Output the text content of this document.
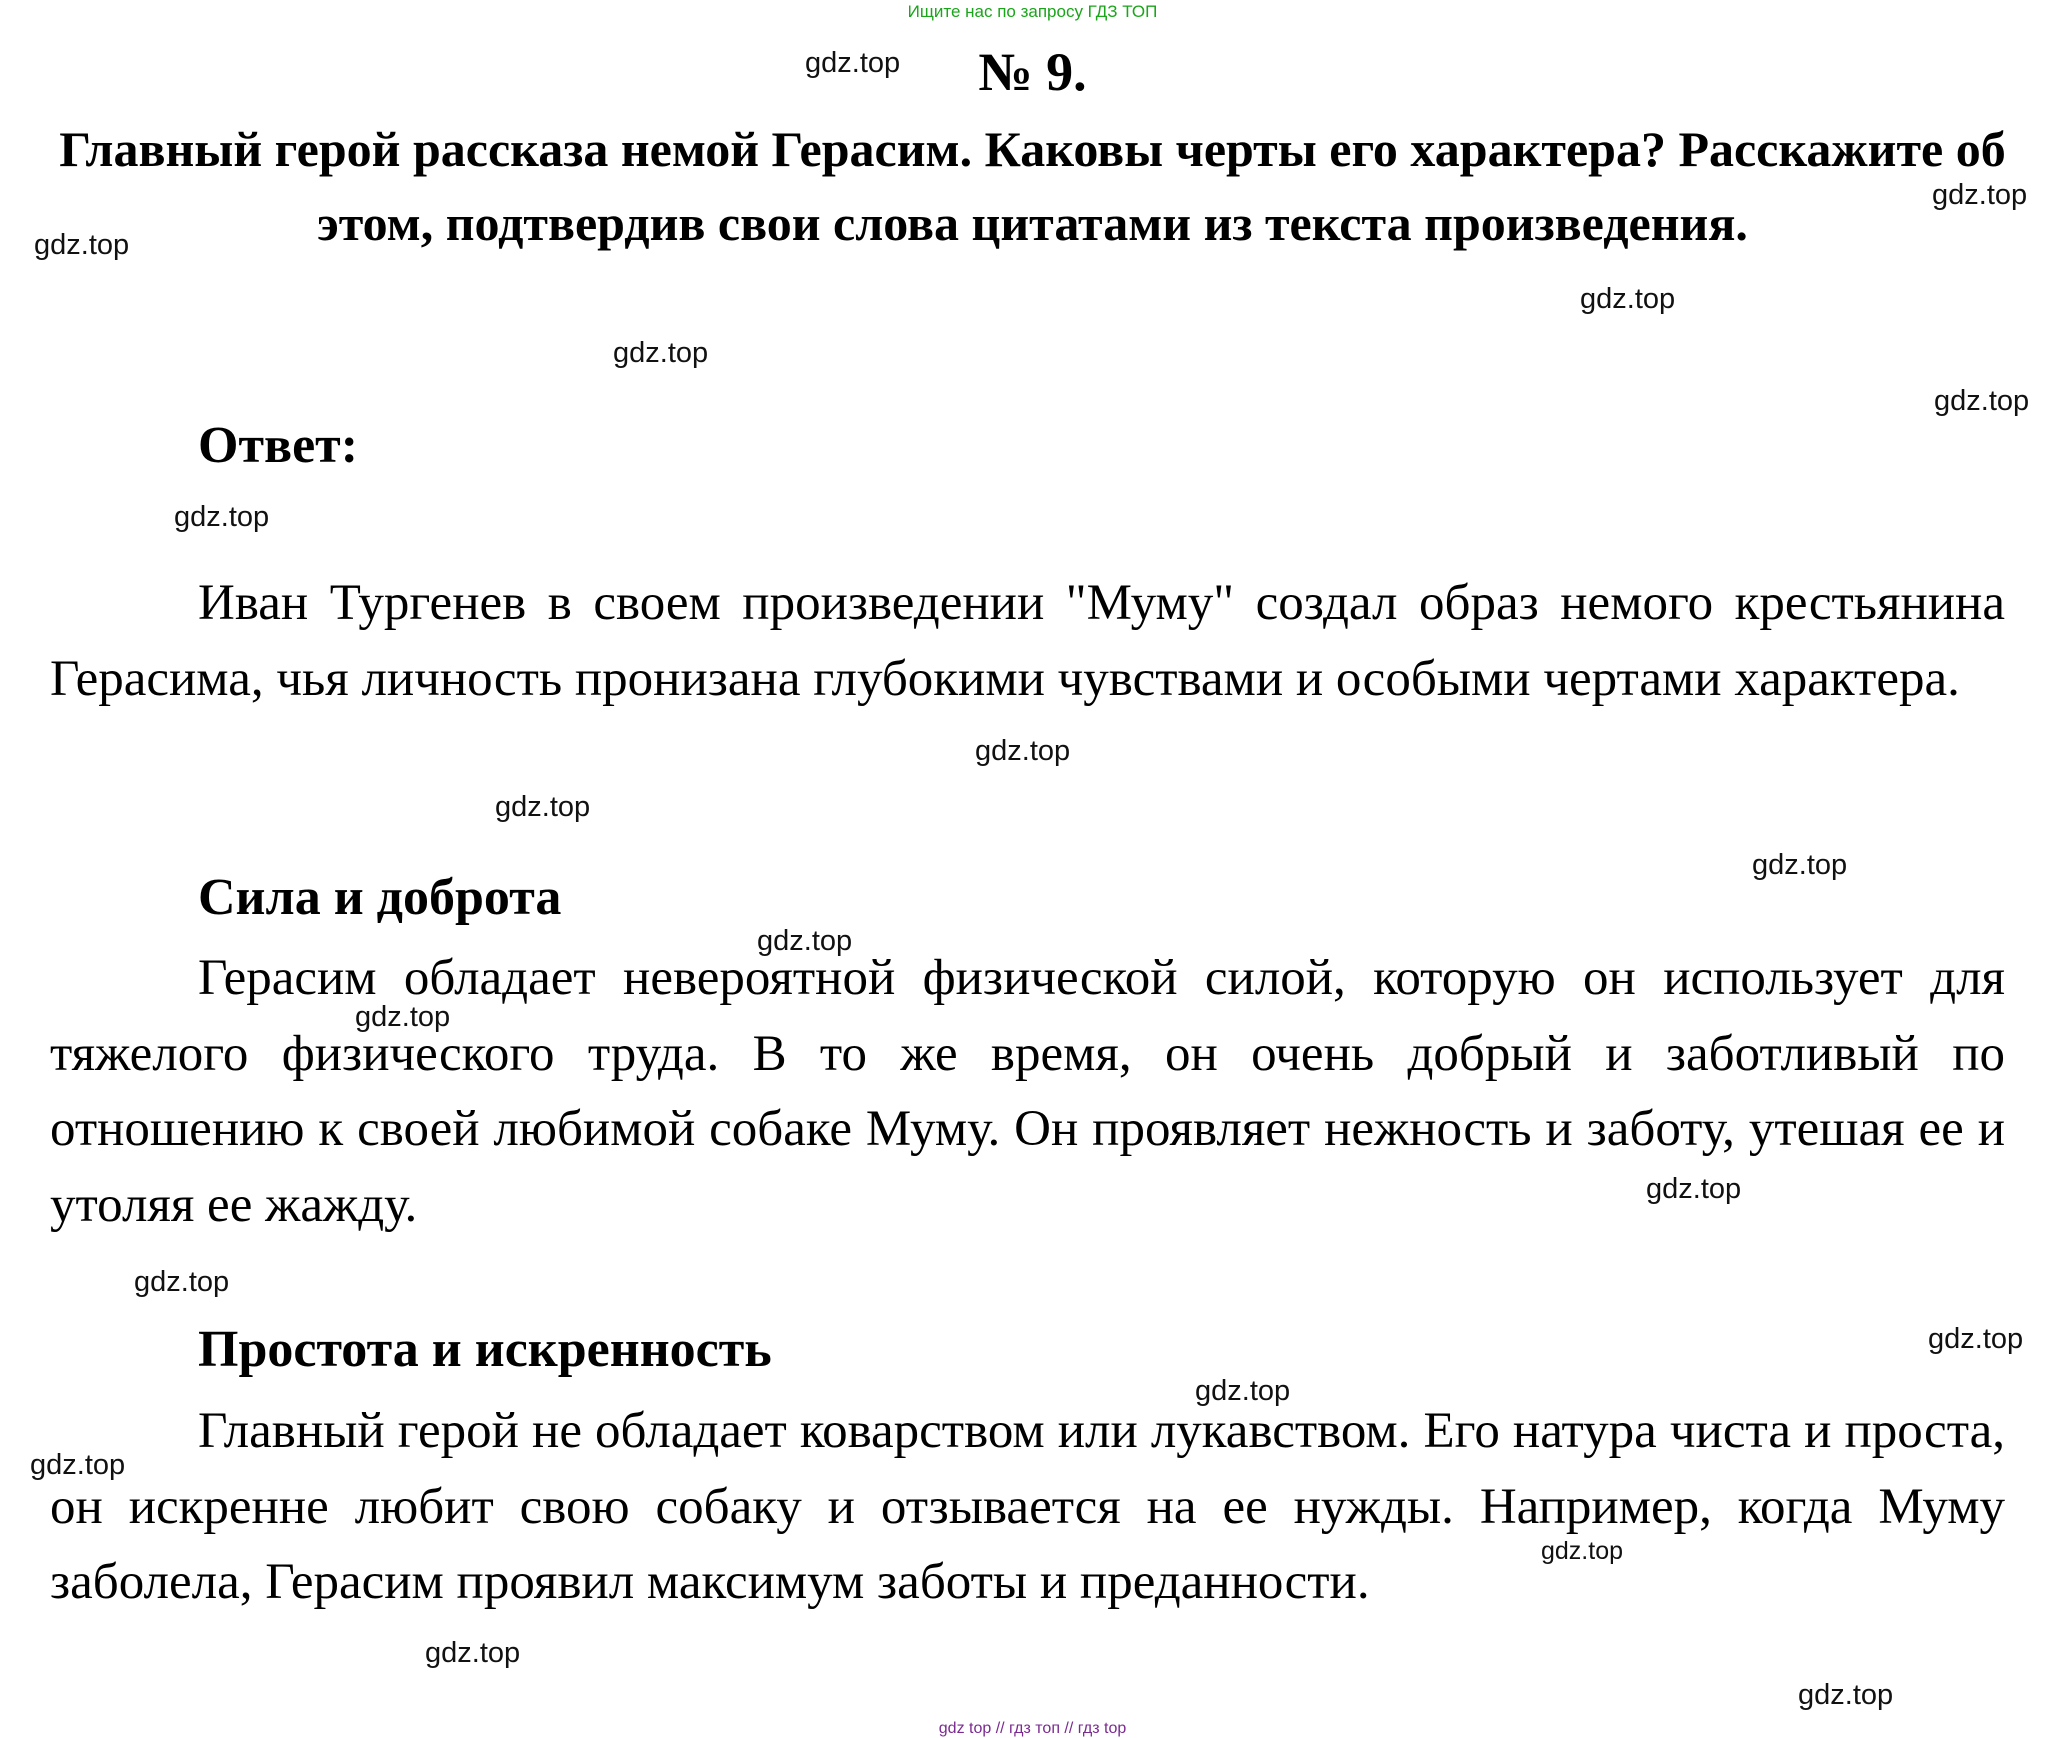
Ищите нас по запросу ГДЗ ТОП
№ 9.
Главный герой рассказа немой Герасим. Каковы черты его характера? Расскажите об этом, подтвердив свои слова цитатами из текста произведения.
Ответ:
Иван Тургенев в своем произведении "Муму" создал образ немого крестьянина Герасима, чья личность пронизана глубокими чувствами и особыми чертами характера.
Сила и доброта
Герасим обладает невероятной физической силой, которую он использует для тяжелого физического труда. В то же время, он очень добрый и заботливый по отношению к своей любимой собаке Муму. Он проявляет нежность и заботу, утешая ее и утоляя ее жажду.
Простота и искренность
Главный герой не обладает коварством или лукавством. Его натура чиста и проста, он искренне любит свою собаку и отзывается на ее нужды. Например, когда Муму заболела, Герасим проявил максимум заботы и преданности.
gdz.top
gdz.top
gdz.top
gdz.top
gdz.top
gdz.top
gdz.top
gdz.top
gdz.top
gdz.top
gdz.top
gdz.top
gdz.top
gdz.top
gdz.top
gdz.top
gdz.top
gdz.top
gdz.top
gdz.top
gdz top // гдз топ // гдз top
